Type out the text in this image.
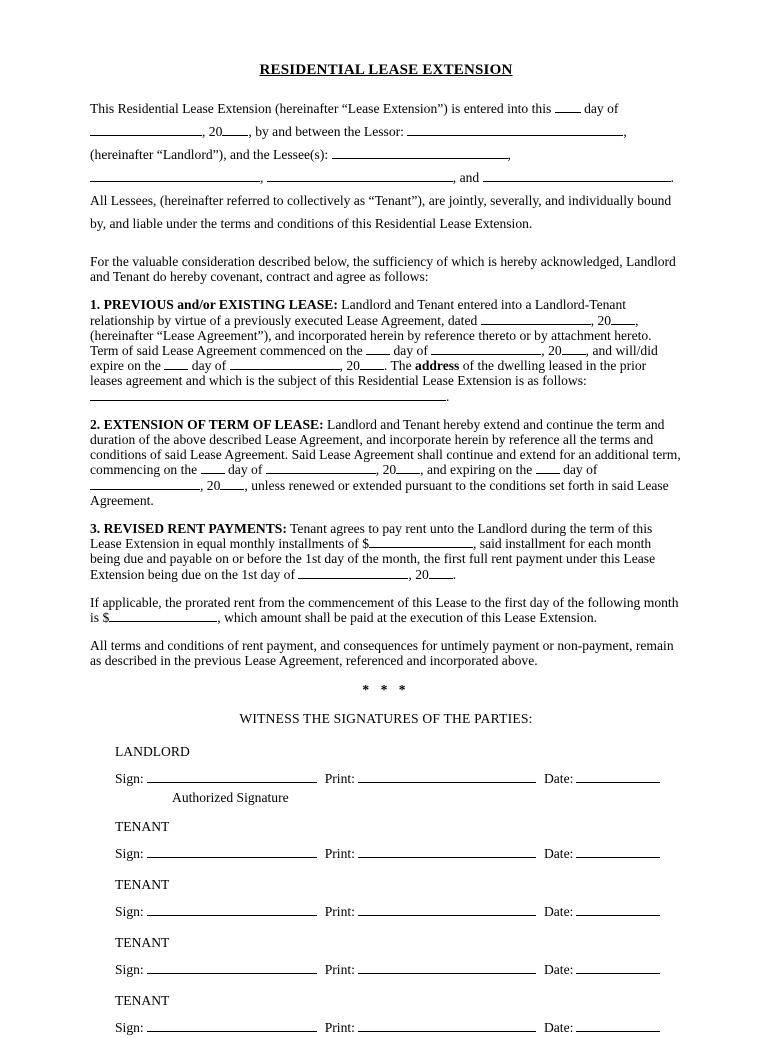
RESIDENTIAL LEASE EXTENSION

This Residential Lease Extension (hereinafter “Lease Extension”) is entered into this  day of , 20 , by and between the Lessor:	, (hereinafter “Landlord”), and the Lessee(s):	, ,	, and	. All Lessees, (hereinafter referred to collectively as “Tenant”), are jointly, severally, and individually bound by, and liable under the terms and conditions of this Residential Lease Extension.

For the valuable consideration described below, the sufficiency of which is hereby acknowledged, Landlord and Tenant do hereby covenant, contract and agree as follows:

1. PREVIOUS and/or EXISTING LEASE: Landlord and Tenant entered into a Landlord-Tenant relationship by virtue of a previously executed Lease Agreement, dated	, 20 , (hereinafter “Lease Agreement”), and incorporated herein by reference thereto or by attachment hereto. Term of said Lease Agreement commenced on the  day of	, 20 , and will/did expire on the  day of	, 20 . The address of the dwelling leased in the prior leases agreement and which is the subject of this Residential Lease Extension is as follows: .

2. EXTENSION OF TERM OF LEASE: Landlord and Tenant hereby extend and continue the term and duration of the above described Lease Agreement, and incorporate herein by reference all the terms and conditions of said Lease Agreement. Said Lease Agreement shall continue and extend for an additional term, commencing on the  day of	, 20 , and expiring on the  day of , 20 , unless renewed or extended pursuant to the conditions set forth in said Lease Agreement.

3. REVISED RENT PAYMENTS: Tenant agrees to pay rent unto the Landlord during the term of this Lease Extension in equal monthly installments of $	, said installment for each month being due and payable on or before the 1st day of the month, the first full rent payment under this Lease Extension being due on the 1st day of	, 20 .

If applicable, the prorated rent from the commencement of this Lease to the first day of the following month is $	, which amount shall be paid at the execution of this Lease Extension.

All terms and conditions of rent payment, and consequences for untimely payment or non-payment, remain as described in the previous Lease Agreement, referenced and incorporated above.

* * *
WITNESS THE SIGNATURES OF THE PARTIES:
LANDLORD
Sign:	Print:	Date:
Authorized Signature
TENANT
Sign:	Print:	Date:
TENANT
Sign:	Print:	Date:
TENANT
Sign:	Print:	Date:
TENANT
Sign:	Print:	Date:
